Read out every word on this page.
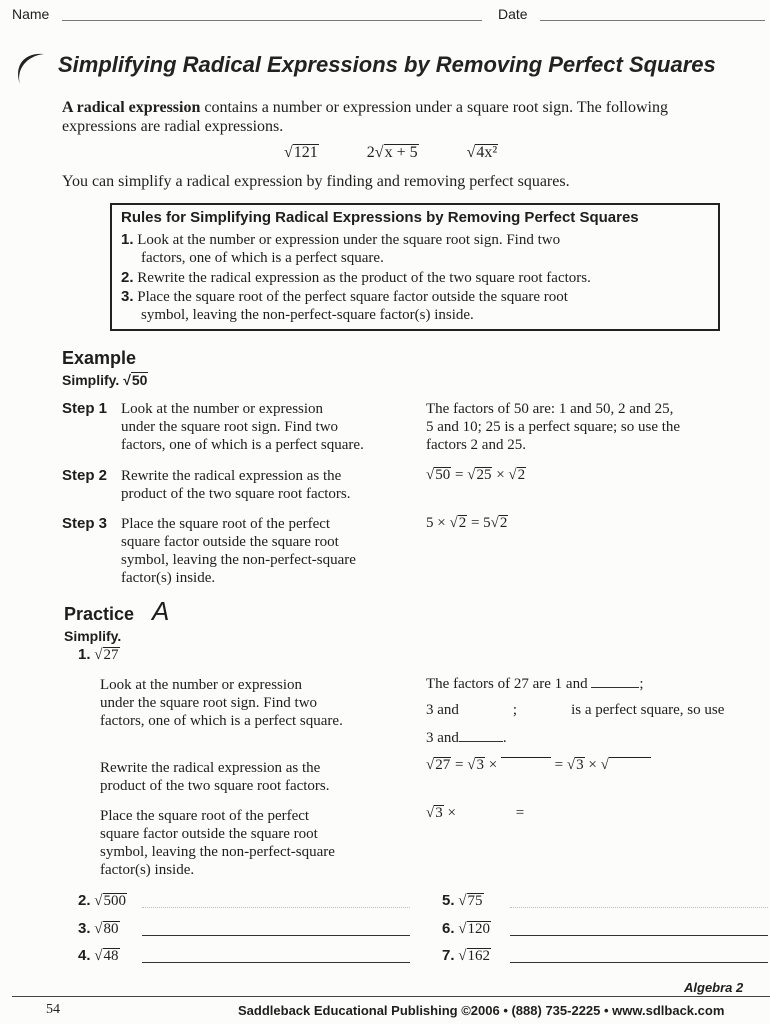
Name	Date
Simplifying Radical Expressions by Removing Perfect Squares
A radical expression contains a number or expression under a square root sign. The following expressions are radial expressions.
√121	2√x + 5	√4x²
You can simplify a radical expression by finding and removing perfect squares.
Rules for Simplifying Radical Expressions by Removing Perfect Squares
1. Look at the number or expression under the square root sign. Find two
factors, one of which is a perfect square.
2. Rewrite the radical expression as the product of the two square root factors.
3. Place the square root of the perfect square factor outside the square root
symbol, leaving the non-perfect-square factor(s) inside.
Example
Simplify. √50
Step 1 Look at the number or expression
under the square root sign. Find two
factors, one of which is a perfect square.
The factors of 50 are: 1 and 50, 2 and 25,
5 and 10; 25 is a perfect square; so use the
factors 2 and 25.
Step 2 Rewrite the radical expression as the
product of the two square root factors.
√50 = √25 × √2
Step 3 Place the square root of the perfect
square factor outside the square root
symbol, leaving the non-perfect-square
factor(s) inside.
5 × √2 = 5√2
Practice A
Simplify.
1. √27
Look at the number or expression
under the square root sign. Find two
factors, one of which is a perfect square.
The factors of 27 are 1 and	;
3 and	;	is a perfect square, so use
3 and	.
Rewrite the radical expression as the
product of the two square root factors.
√27 = √3 ×	= √3 × √
Place the square root of the perfect
square factor outside the square root
symbol, leaving the non-perfect-square
factor(s) inside.
√3 ×	=
2. √500
3. √80
4. √48
5. √75
6. √120
7. √162
Algebra 2
54	Saddleback Educational Publishing ©2006 • (888) 735-2225 • www.sdlback.com
